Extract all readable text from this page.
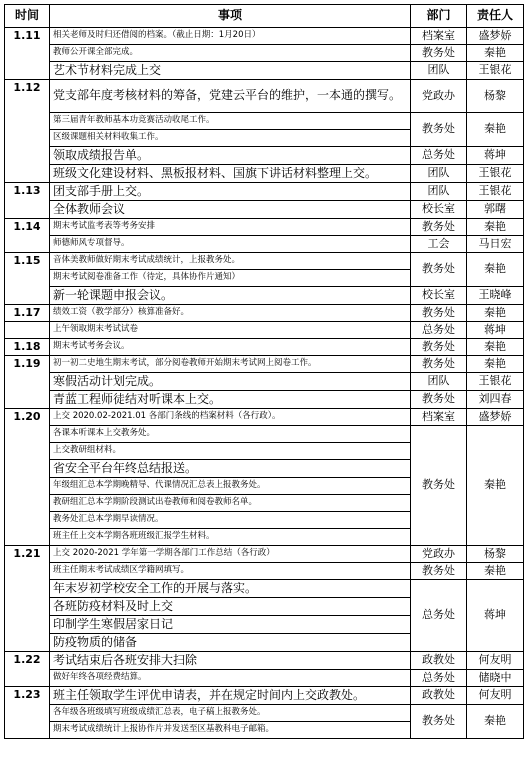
时间	事项	部门	责任人
1.11	相关老师及时归还借阅的档案。（截止日期：1月20日）	档案室	盛梦娇
	教师公开课全部完成。	教务处	秦艳
	艺术节材料完成上交	团队	王银花
1.12	党支部年度考核材料的筹备，党建云平台的维护，一本通的撰写。	党政办	杨黎
	第三届青年教师基本功竞赛活动收尾工作。	教务处	秦艳
	区级课题相关材料收集工作。		
	领取成绩报告单。	总务处	蒋坤
	班级文化建设材料、黑板报材料、国旗下讲话材料整理上交。	团队	王银花
1.13	团支部手册上交。	团队	王银花
	全体教师会议	校长室	郭曙
1.14	期末考试监考表等考务安排	教务处	秦艳
	师德师风专项督导。	工会	马日宏
1.15	音体美教师做好期末考试成绩统计，上报教务处。	教务处	秦艳
	期末考试阅卷准备工作（待定，具体协作片通知）		
	新一轮课题申报会议。	校长室	王晓峰
1.17	绩效工资（教学部分）核算准备好。	教务处	秦艳
	上午领取期末考试试卷	总务处	蒋坤
1.18	期末考试考务会议。	教务处	秦艳
1.19	初一初二史地生期末考试，部分阅卷教师开始期末考试网上阅卷工作。	教务处	秦艳
	寒假活动计划完成。	团队	王银花
	青蓝工程师徒结对听课本上交。	教务处	刘四春
1.20	上交 2020.02-2021.01 各部门条线的档案材料（各行政）。	档案室	盛梦娇
	各课本听课本上交教务处。	教务处	秦艳
	上交教研组材料。		
	省安全平台年终总结报送。		
	年级组汇总本学期晚精导、代课情况汇总表上报教务处。		
	教研组汇总本学期阶段测试出卷教师和阅卷教师名单。		
	教务处汇总本学期早读情况。		
	班主任上交本学期各班班级汇报学生材料。		
1.21	上交 2020-2021 学年第一学期各部门工作总结（各行政）	党政办	杨黎
	班主任期末考试成绩区学籍网填写。	教务处	秦艳
	年末岁初学校安全工作的开展与落实。	总务处	蒋坤
	各班防疫材料及时上交		
	印制学生寒假居家日记		
	防疫物质的储备		
1.22	考试结束后各班安排大扫除	政教处	何友明
	做好年终各项经费结算。	总务处	储晓中
1.23	班主任领取学生评优申请表，并在规定时间内上交政教处。	政教处	何友明
	各年级各班级填写班级成绩汇总表，电子稿上报教务处。	教务处	秦艳
	期末考试成绩统计上报协作片并发送至区基教科电子邮箱。		
